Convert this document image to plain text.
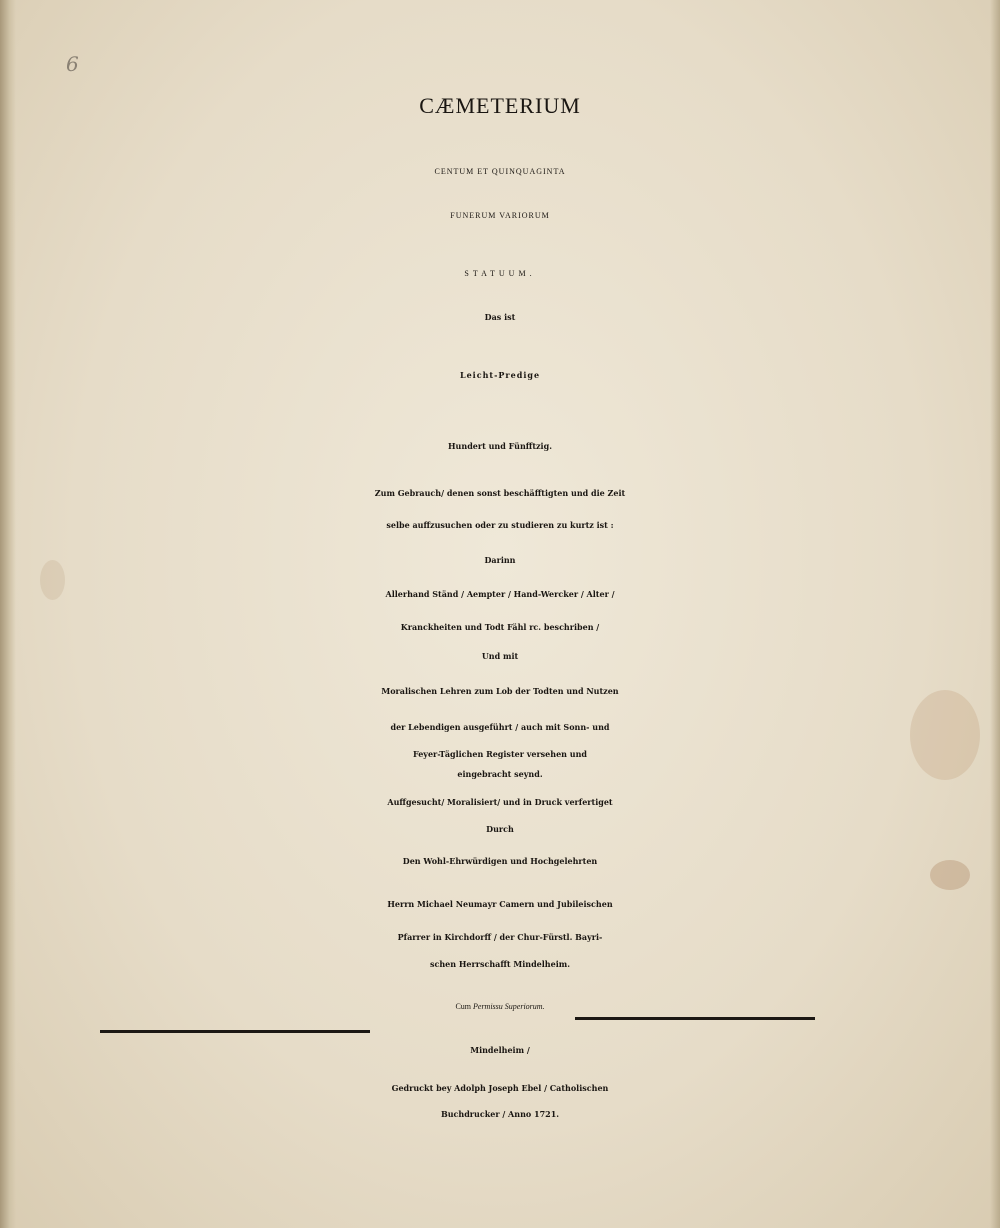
6

CÆMETERIUM

CENTUM ET QUINQUAGINTA

FUNERUM VARIORUM

STATUUM.

Das ist

Leicht-Predige

Hundert und Fünfftzig.

Zum Gebrauch/ denen sonst beschäfftigten und die Zeit

selbe auffzusuchen oder zu studieren zu kurtz ist :

Darinn

Allerhand Ständ / Aempter / Hand-Wercker / Alter /

Kranckheiten und Todt Fähl rc. beschriben /

Und mit

Moralischen Lehren zum Lob der Todten und Nutzen

der Lebendigen ausgeführt / auch mit Sonn- und

Feyer-Täglichen Register versehen und

eingebracht seynd.

Auffgesucht/ Moralisiert/ und in Druck verfertiget

Durch

Den Wohl-Ehrwürdigen und Hochgelehrten

Herrn Michael Neumayr Camern und Jubileischen

Pfarrer in Kirchdorff / der Chur-Fürstl. Bayri-

schen Herrschafft Mindelheim.

Cum Permissu Superiorum.

Mindelheim /

Gedruckt bey Adolph Joseph Ebel / Catholischen

Buchdrucker / Anno 1721.
